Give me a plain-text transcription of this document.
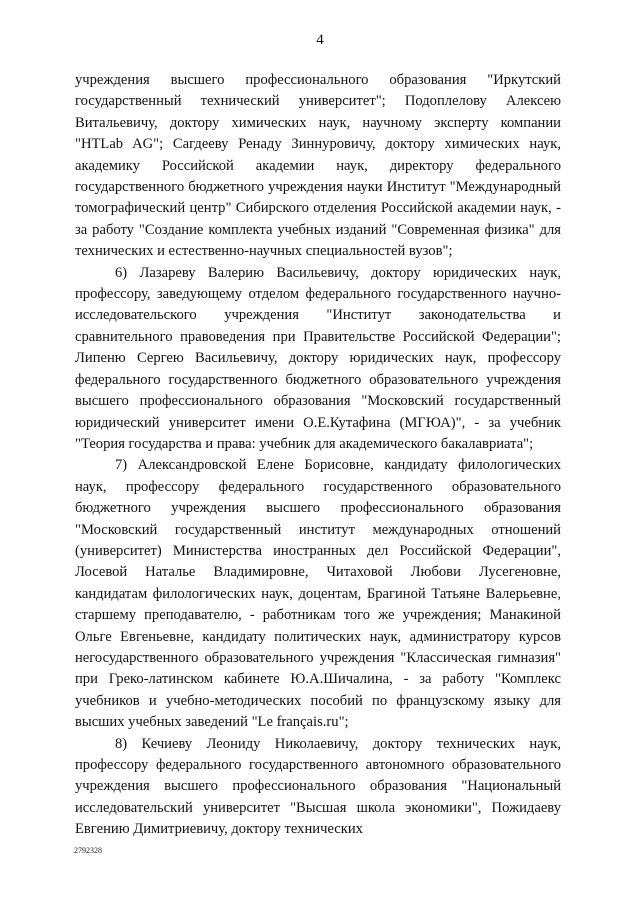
4
учреждения высшего профессионального образования "Иркутский государственный технический университет"; Подоплелову Алексею Витальевичу, доктору химических наук, научному эксперту компании "HTLab AG"; Сагдееву Ренаду Зиннуровичу, доктору химических наук, академику Российской академии наук, директору федерального государственного бюджетного учреждения науки Институт "Международный томографический центр" Сибирского отделения Российской академии наук, - за работу "Создание комплекта учебных изданий "Современная физика" для технических и естественно-научных специальностей вузов";
6) Лазареву Валерию Васильевичу, доктору юридических наук, профессору, заведующему отделом федерального государственного научно-исследовательского учреждения "Институт законодательства и сравнительного правоведения при Правительстве Российской Федерации"; Липеню Сергею Васильевичу, доктору юридических наук, профессору федерального государственного бюджетного образовательного учреждения высшего профессионального образования "Московский государственный юридический университет имени О.Е.Кутафина (МГЮА)", - за учебник "Теория государства и права: учебник для академического бакалавриата";
7) Александровской Елене Борисовне, кандидату филологических наук, профессору федерального государственного образовательного бюджетного учреждения высшего профессионального образования "Московский государственный институт международных отношений (университет) Министерства иностранных дел Российской Федерации", Лосевой Наталье Владимировне, Читаховой Любови Лусегеновне, кандидатам филологических наук, доцентам, Брагиной Татьяне Валерьевне, старшему преподавателю, - работникам того же учреждения; Манакиной Ольге Евгеньевне, кандидату политических наук, администратору курсов негосударственного образовательного учреждения "Классическая гимназия" при Греко-латинском кабинете Ю.А.Шичалина, - за работу "Комплекс учебников и учебно-методических пособий по французскому языку для высших учебных заведений "Le français.ru";
8) Кечиеву Леониду Николаевичу, доктору технических наук, профессору федерального государственного автономного образовательного учреждения высшего профессионального образования "Национальный исследовательский университет "Высшая школа экономики", Пожидаеву Евгению Димитриевичу, доктору технических
2792328
